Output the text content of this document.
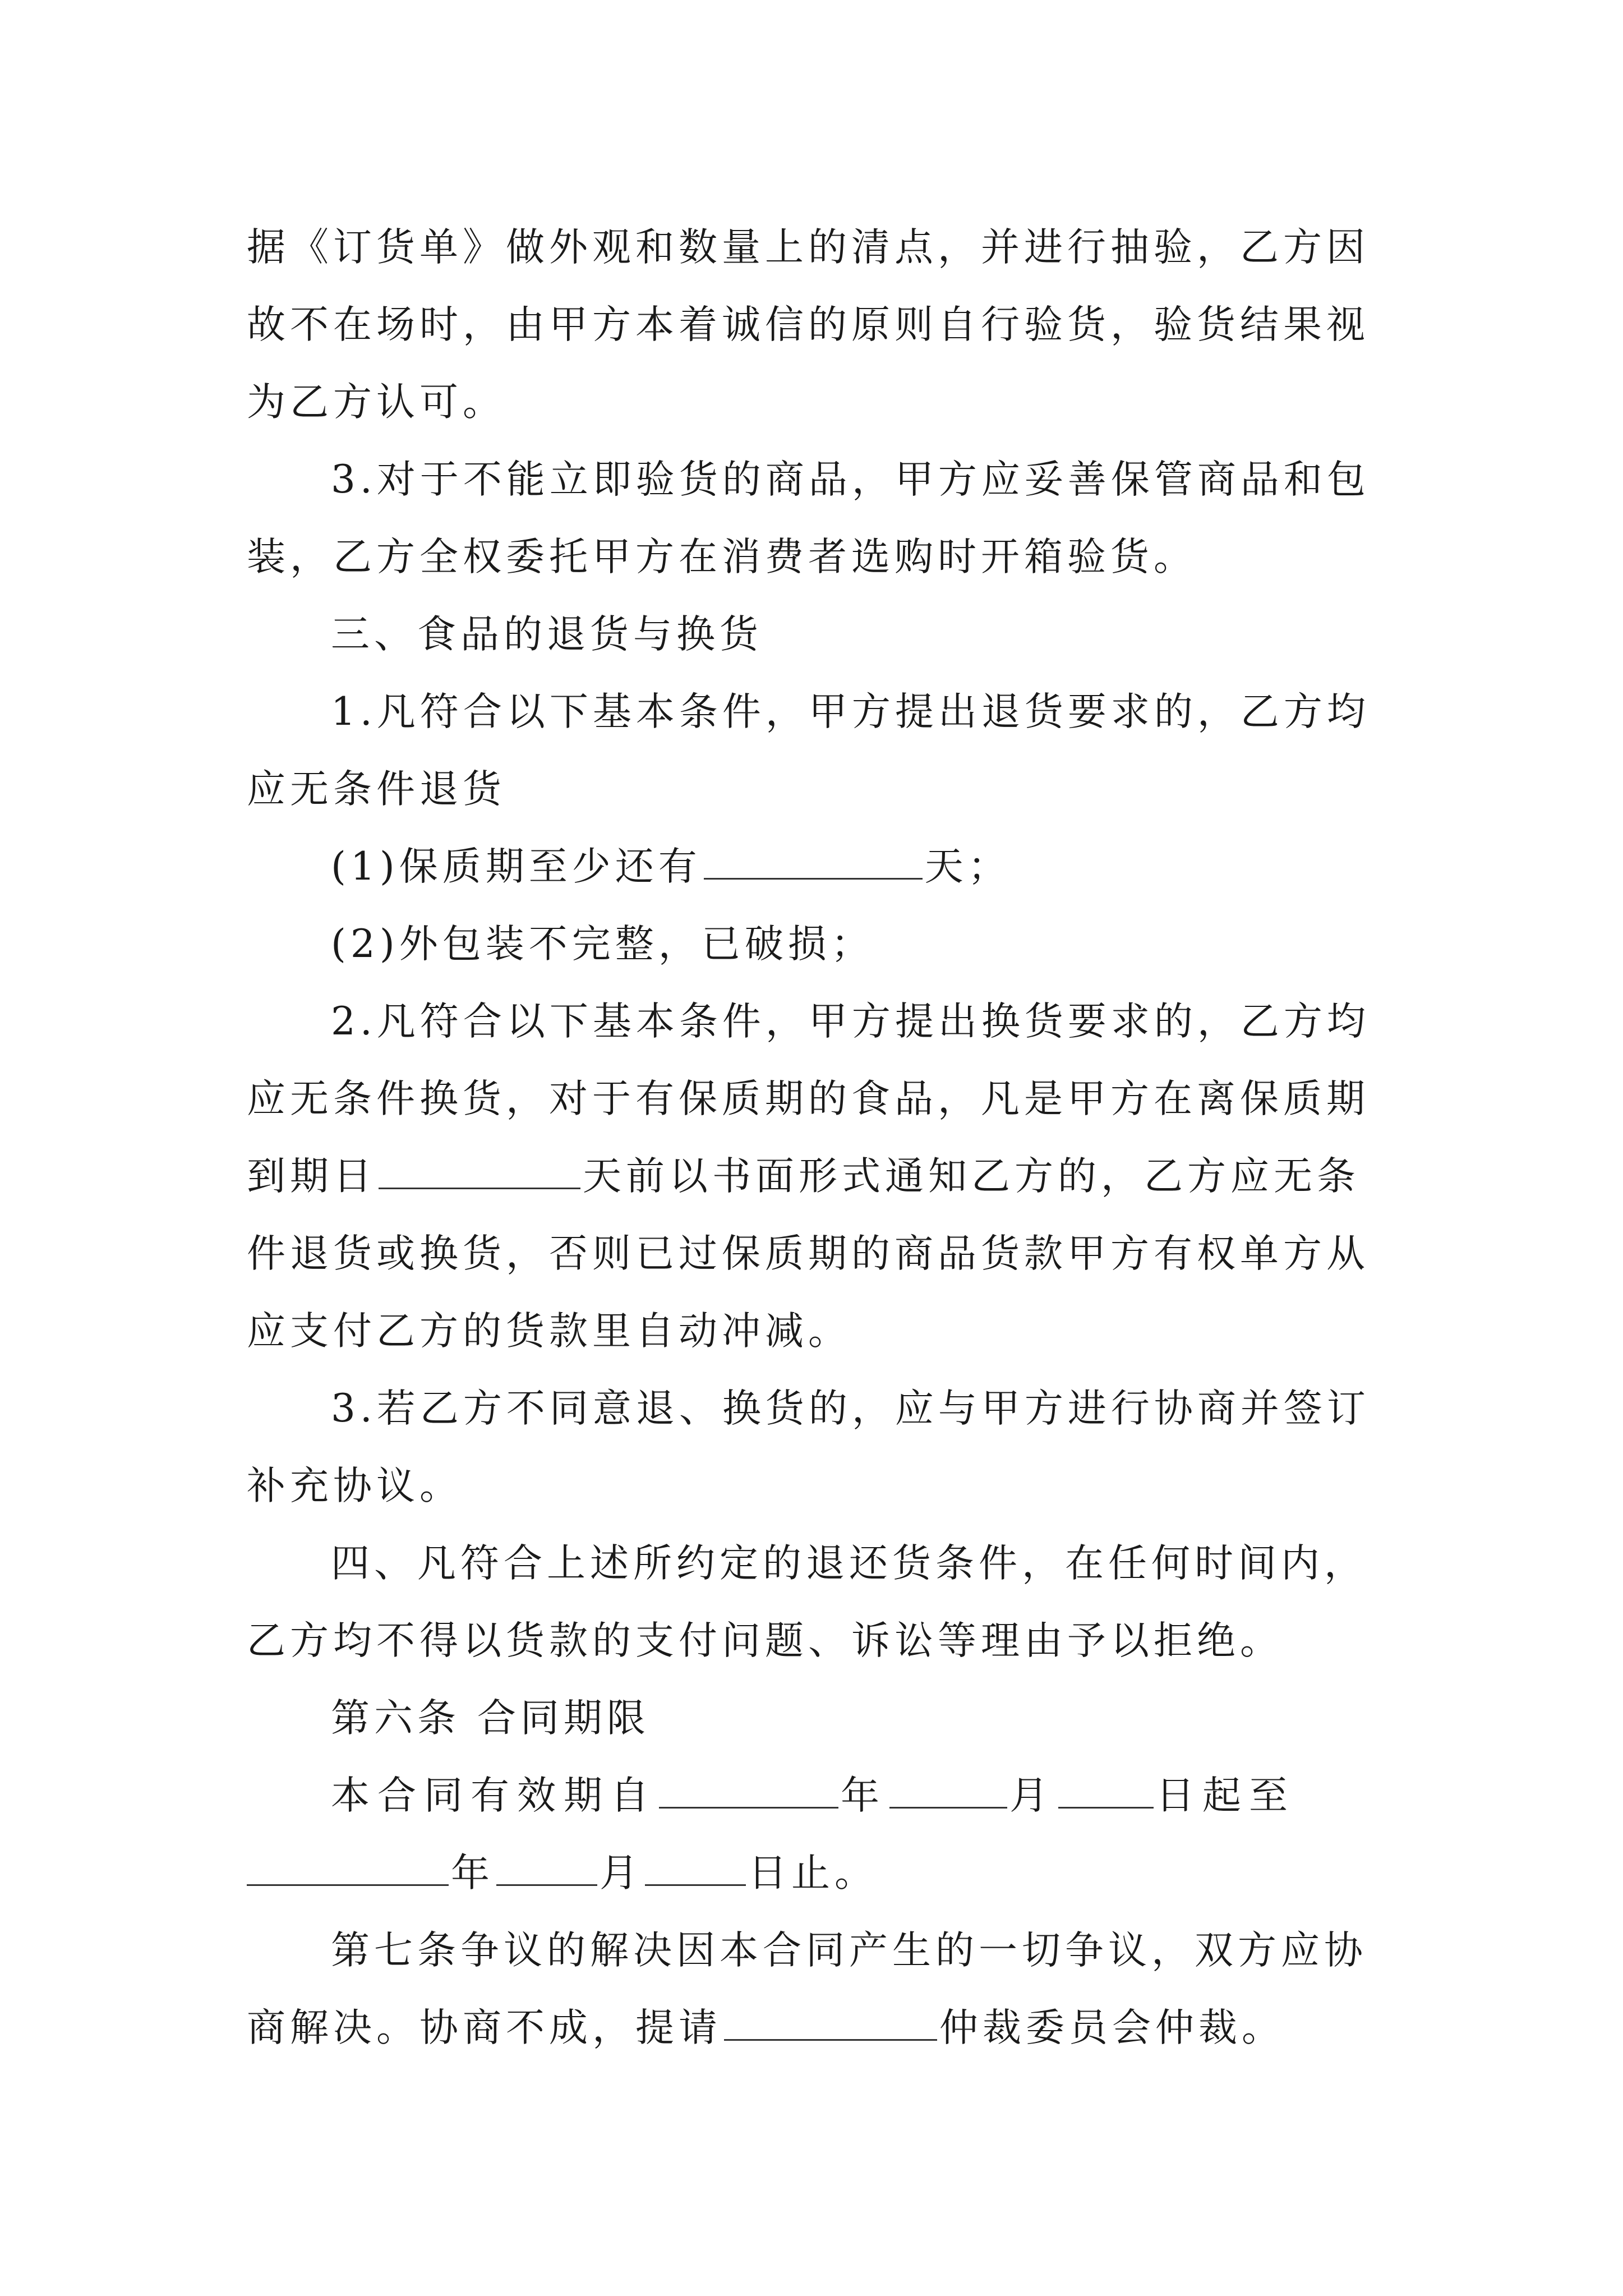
据《订货单》做外观和数量上的清点，并进行抽验，乙方因

故不在场时，由甲方本着诚信的原则自行验货，验货结果视

为乙方认可。

3.对于不能立即验货的商品，甲方应妥善保管商品和包

装，乙方全权委托甲方在消费者选购时开箱验货。

三、食品的退货与换货

1.凡符合以下基本条件，甲方提出退货要求的，乙方均

应无条件退货

(1)保质期至少还有	天；

(2)外包装不完整，已破损；

2.凡符合以下基本条件，甲方提出换货要求的，乙方均

应无条件换货，对于有保质期的食品，凡是甲方在离保质期

到期日	天前以书面形式通知乙方的，乙方应无条

件退货或换货，否则已过保质期的商品货款甲方有权单方从

应支付乙方的货款里自动冲减。

3.若乙方不同意退、换货的，应与甲方进行协商并签订

补充协议。

四、凡符合上述所约定的退还货条件，在任何时间内，

乙方均不得以货款的支付问题、诉讼等理由予以拒绝。

第六条 合同期限

本合同有效期自	年	月	日起至

年	月	日止。

第七条争议的解决因本合同产生的一切争议，双方应协

商解决。协商不成，提请	仲裁委员会仲裁。
